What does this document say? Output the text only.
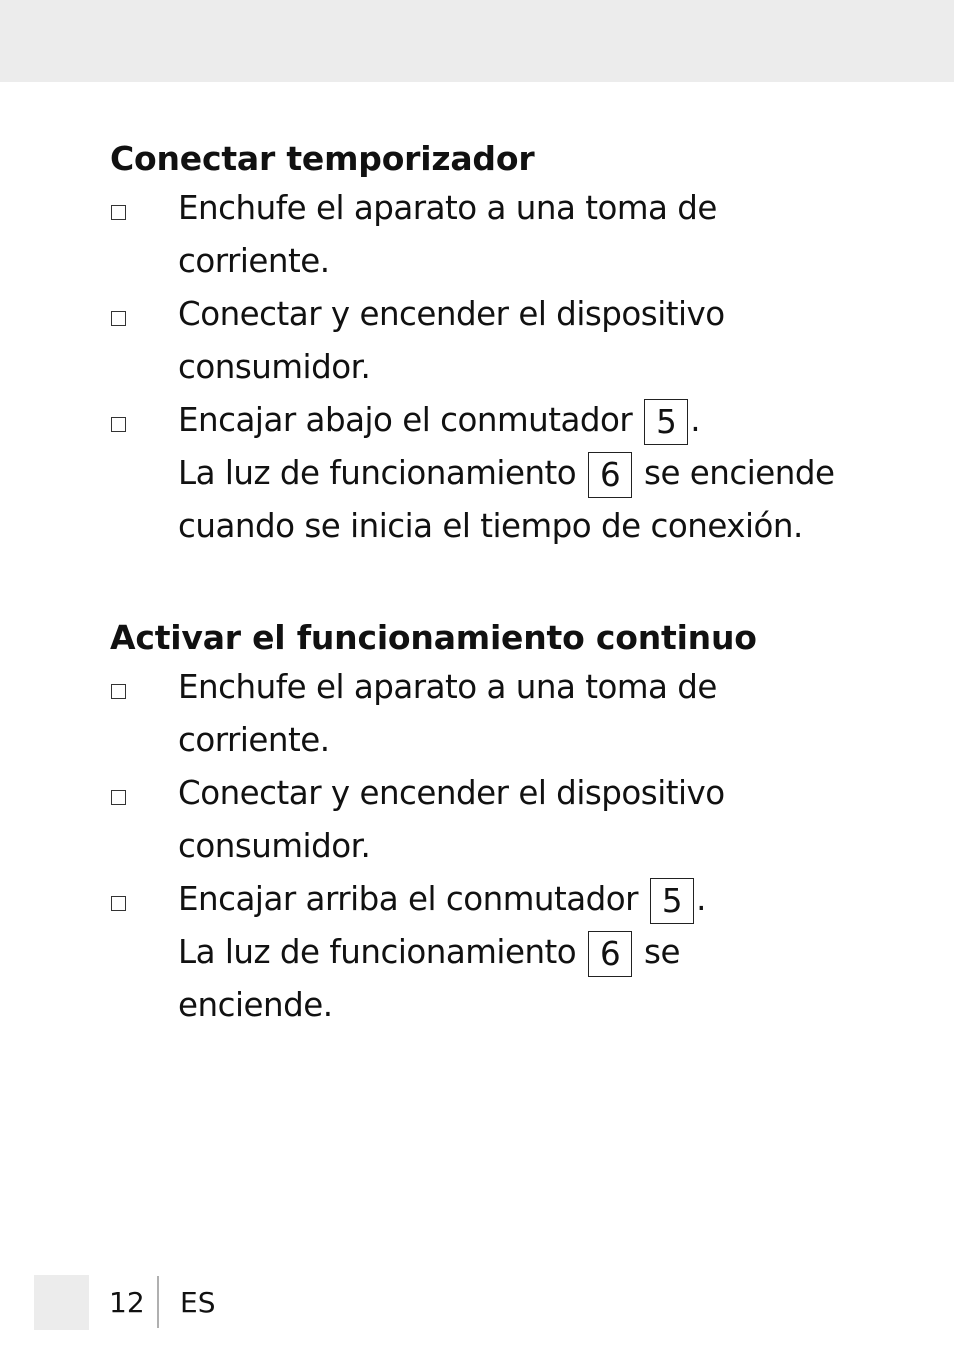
Conectar temporizador
Enchufe el aparato a una toma de
corriente.
Conectar y encender el dispositivo
consumidor.
Encajar abajo el conmutador 5 .
La luz de funcionamiento 6 se enciende
cuando se inicia el tiempo de conexión.
Activar el funcionamiento continuo
Enchufe el aparato a una toma de
corriente.
Conectar y encender el dispositivo
consumidor.
Encajar arriba el conmutador 5 .
La luz de funcionamiento 6 se
enciende.
12 ES
